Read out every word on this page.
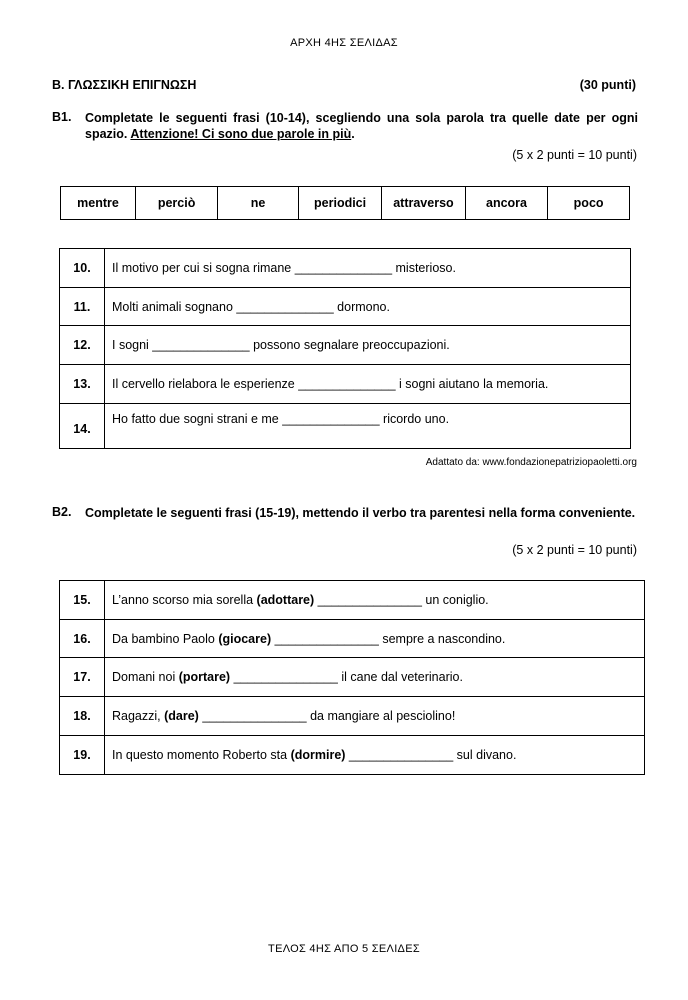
ΑΡΧΗ 4ΗΣ ΣΕΛΙΔΑΣ
Β. ΓΛΩΣΣΙΚΗ ΕΠΙΓΝΩΣΗ	(30 punti)
B1. Completate le seguenti frasi (10-14), scegliendo una sola parola tra quelle date per ogni spazio. Attenzione! Ci sono due parole in più.
(5 x 2 punti = 10 punti)
mentre	perciò	ne	periodici	attraverso	ancora	poco
10.	Il motivo per cui si sogna rimane ______________ misterioso.
11.	Molti animali sognano ______________ dormono.
12.	I sogni ______________ possono segnalare preoccupazioni.
13.	Il cervello rielabora le esperienze ______________ i sogni aiutano la memoria.
14.	Ho fatto due sogni strani e me ______________ ricordo uno.
Adattato da: www.fondazionepatriziopaoletti.org
B2. Completate le seguenti frasi (15-19), mettendo il verbo tra parentesi nella forma conveniente.
(5 x 2 punti = 10 punti)
15.	L’anno scorso mia sorella (adottare) _______________ un coniglio.
16.	Da bambino Paolo (giocare) _______________ sempre a nascondino.
17.	Domani noi (portare) _______________ il cane dal veterinario.
18.	Ragazzi, (dare) _______________ da mangiare al pesciolino!
19.	In questo momento Roberto sta (dormire) _______________ sul divano.
ΤΕΛΟΣ 4ΗΣ ΑΠΟ 5 ΣΕΛΙΔΕΣ
